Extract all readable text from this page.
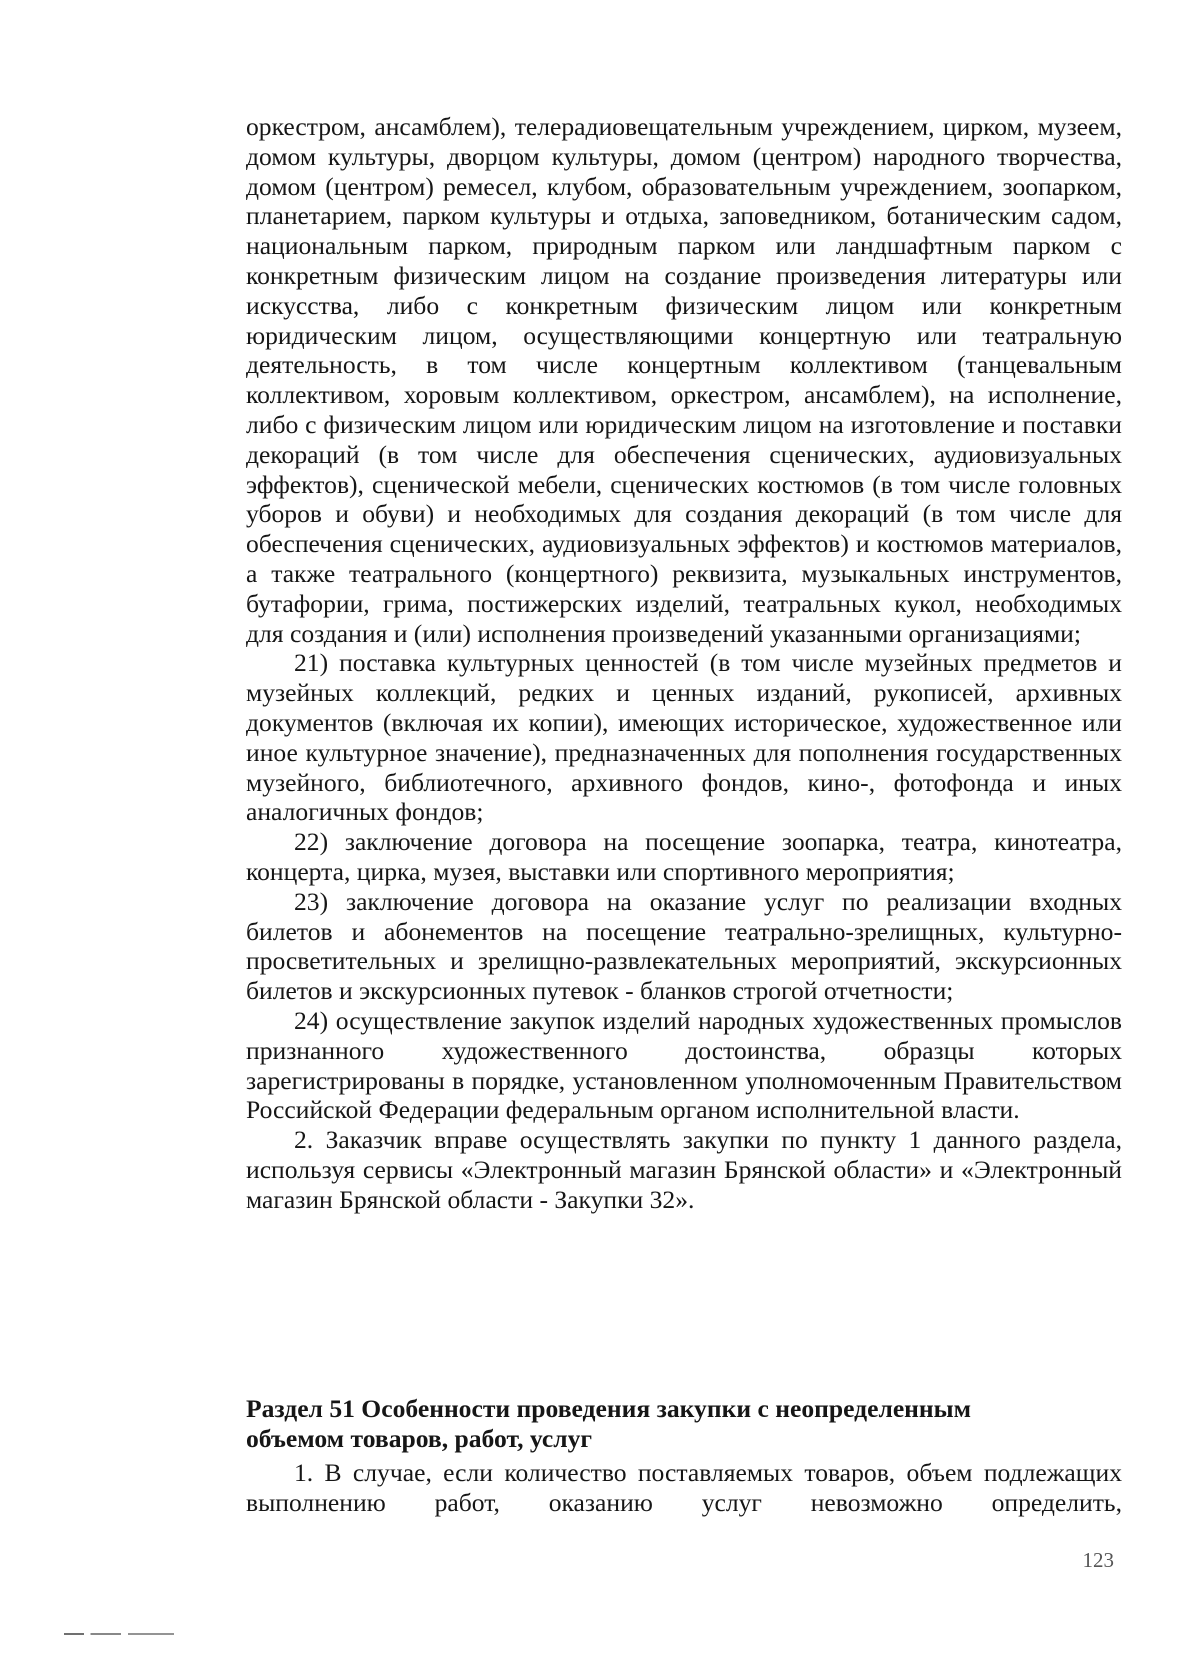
оркестром, ансамблем), телерадиовещательным учреждением, цирком, музеем, домом культуры, дворцом культуры, домом (центром) народного творчества, домом (центром) ремесел, клубом, образовательным учреждением, зоопарком, планетарием, парком культуры и отдыха, заповедником, ботаническим садом, национальным парком, природным парком или ландшафтным парком с конкретным физическим лицом на создание произведения литературы или искусства, либо с конкретным физическим лицом или конкретным юридическим лицом, осуществляющими концертную или театральную деятельность, в том числе концертным коллективом (танцевальным коллективом, хоровым коллективом, оркестром, ансамблем), на исполнение, либо с физическим лицом или юридическим лицом на изготовление и поставки декораций (в том числе для обеспечения сценических, аудиовизуальных эффектов), сценической мебели, сценических костюмов (в том числе головных уборов и обуви) и необходимых для создания декораций (в том числе для обеспечения сценических, аудиовизуальных эффектов) и костюмов материалов, а также театрального (концертного) реквизита, музыкальных инструментов, бутафории, грима, постижерских изделий, театральных кукол, необходимых для создания и (или) исполнения произведений указанными организациями;

21) поставка культурных ценностей (в том числе музейных предметов и музейных коллекций, редких и ценных изданий, рукописей, архивных документов (включая их копии), имеющих историческое, художественное или иное культурное значение), предназначенных для пополнения государственных музейного, библиотечного, архивного фондов, кино-, фотофонда и иных аналогичных фондов;

22) заключение договора на посещение зоопарка, театра, кинотеатра, концерта, цирка, музея, выставки или спортивного мероприятия;

23) заключение договора на оказание услуг по реализации входных билетов и абонементов на посещение театрально-зрелищных, культурно-просветительных и зрелищно-развлекательных мероприятий, экскурсионных билетов и экскурсионных путевок - бланков строгой отчетности;

24) осуществление закупок изделий народных художественных промыслов признанного художественного достоинства, образцы которых зарегистрированы в порядке, установленном уполномоченным Правительством Российской Федерации федеральным органом исполнительной власти.

2. Заказчик вправе осуществлять закупки по пункту 1 данного раздела, используя сервисы «Электронный магазин Брянской области» и «Электронный магазин Брянской области - Закупки 32».

Раздел 51 Особенности проведения закупки с неопределенным
объемом товаров, работ, услуг

1. В случае, если количество поставляемых товаров, объем подлежащих выполнению работ, оказанию услуг невозможно определить,

123
